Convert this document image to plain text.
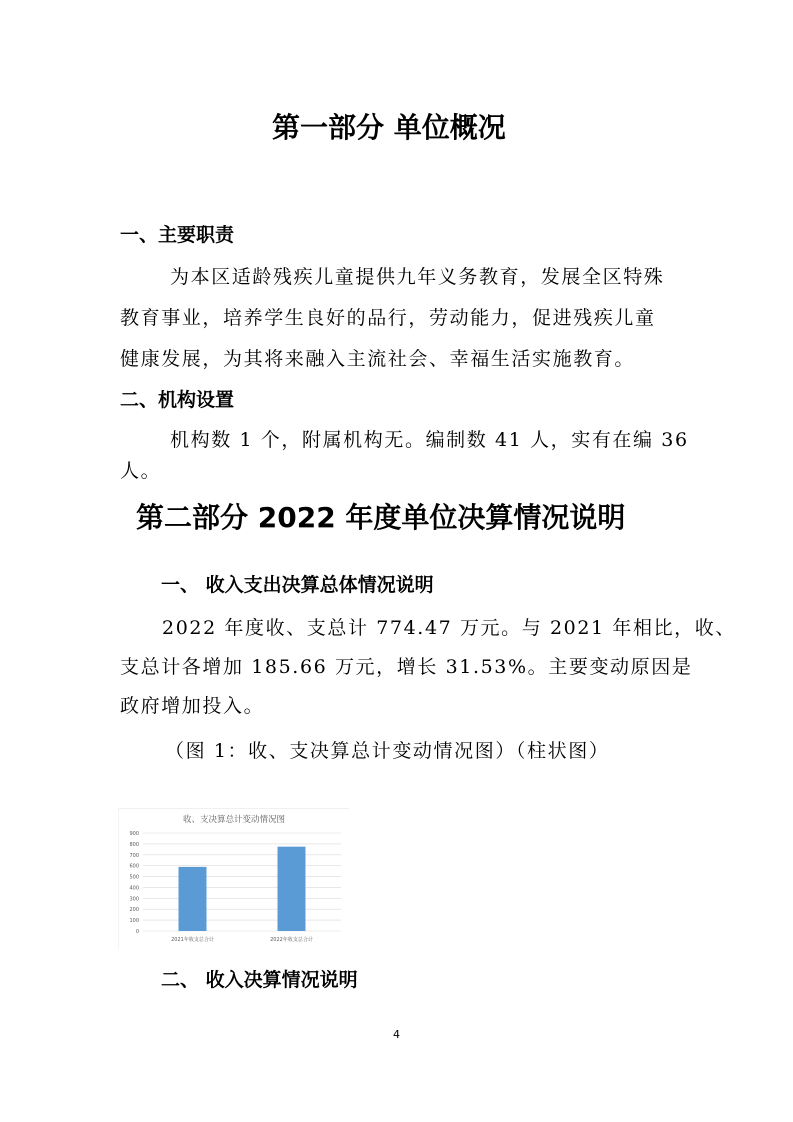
第一部分 单位概况
一、主要职责
为本区适龄残疾儿童提供九年义务教育，发展全区特殊
教育事业，培养学生良好的品行，劳动能力，促进残疾儿童
健康发展，为其将来融入主流社会、幸福生活实施教育。
二、机构设置
机构数 1 个，附属机构无。编制数 41 人，实有在编 36
人。
第二部分 2022 年度单位决算情况说明
一、 收入支出决算总体情况说明
2022 年度收、支总计 774.47 万元。与 2021 年相比，收、
支总计各增加 185.66 万元，增长 31.53%。主要变动原因是
政府增加投入。
（图 1：收、支决算总计变动情况图）（柱状图）
收、支决算总计变动情况图
0
100
200
300
400
500
600
700
800
900
2021年收支总合计	2022年收支总合计
二、 收入决算情况说明
4
